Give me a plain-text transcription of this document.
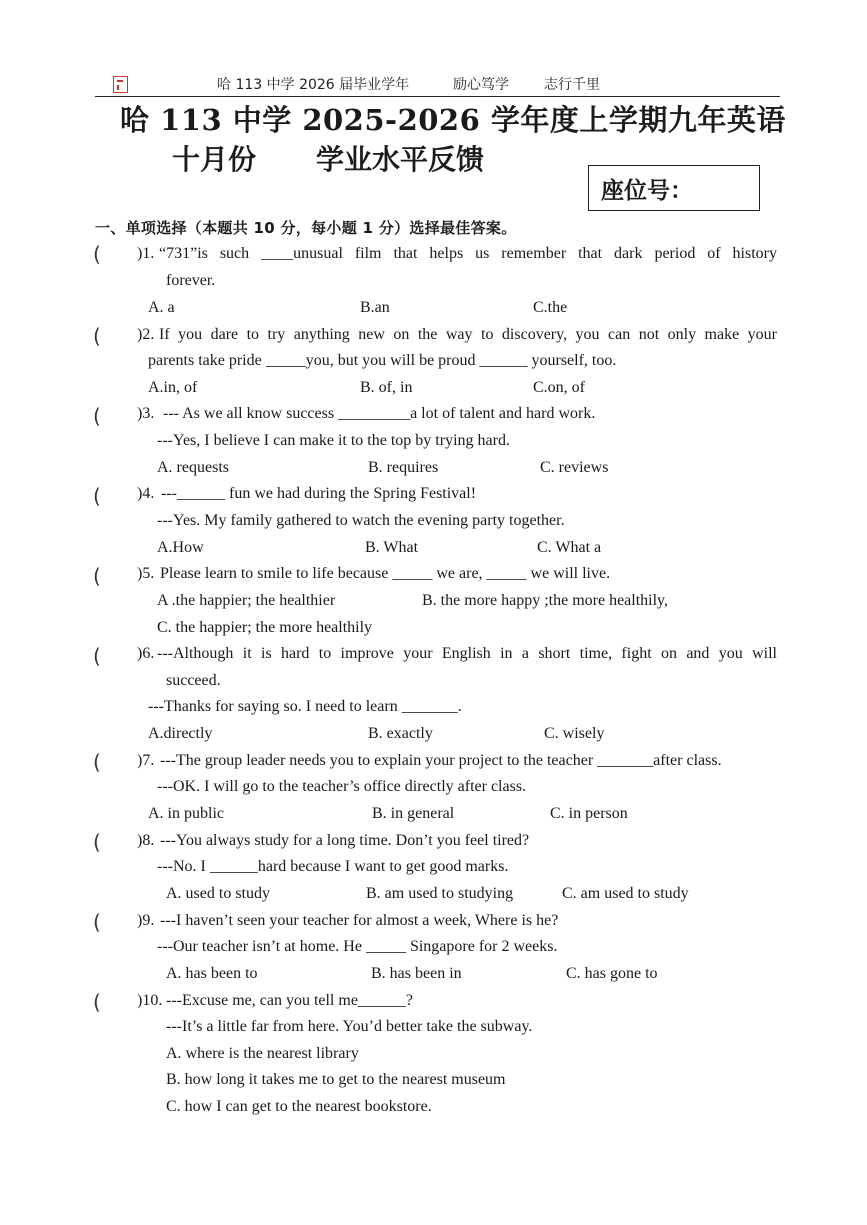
哈 113 中学 2026 届毕业学年	励心笃学	志行千里
哈 113 中学 2025-2026 学年度上学期九年英语
十月份 学业水平反馈
座位号：
一、单项选择（本题共 10 分，每小题 1 分）选择最佳答案。
( )1. “731”is such ____unusual film that helps us remember that dark period of history
forever.
A. a	B.an	C.the
( )2. If you dare to try anything new on the way to discovery, you can not only make your
parents take pride _____you, but you will be proud ______ yourself, too.
A.in, of	B. of, in	C.on, of
( )3. --- As we all know success _________a lot of talent and hard work.
---Yes, I believe I can make it to the top by trying hard.
A. requests	B. requires	C. reviews
( )4. ---______ fun we had during the Spring Festival!
---Yes. My family gathered to watch the evening party together.
A.How	B. What	C. What a
( )5. Please learn to smile to life because _____ we are, _____ we will live.
A .the happier; the healthier	B. the more happy ;the more healthily,
C. the happier; the more healthily
( )6. ---Although it is hard to improve your English in a short time, fight on and you will
succeed.
---Thanks for saying so. I need to learn _______.
A.directly	B. exactly	C. wisely
( )7. ---The group leader needs you to explain your project to the teacher _______after class.
---OK. I will go to the teacher’s office directly after class.
A. in public	B. in general	C. in person
( )8. ---You always study for a long time. Don’t you feel tired?
---No. I ______hard because I want to get good marks.
A. used to study	B. am used to studying	C. am used to study
( )9. ---I haven’t seen your teacher for almost a week, Where is he?
---Our teacher isn’t at home. He _____ Singapore for 2 weeks.
A. has been to	B. has been in	C. has gone to
( )10. ---Excuse me, can you tell me______?
---It’s a little far from here. You’d better take the subway.
A. where is the nearest library
B. how long it takes me to get to the nearest museum
C. how I can get to the nearest bookstore.
